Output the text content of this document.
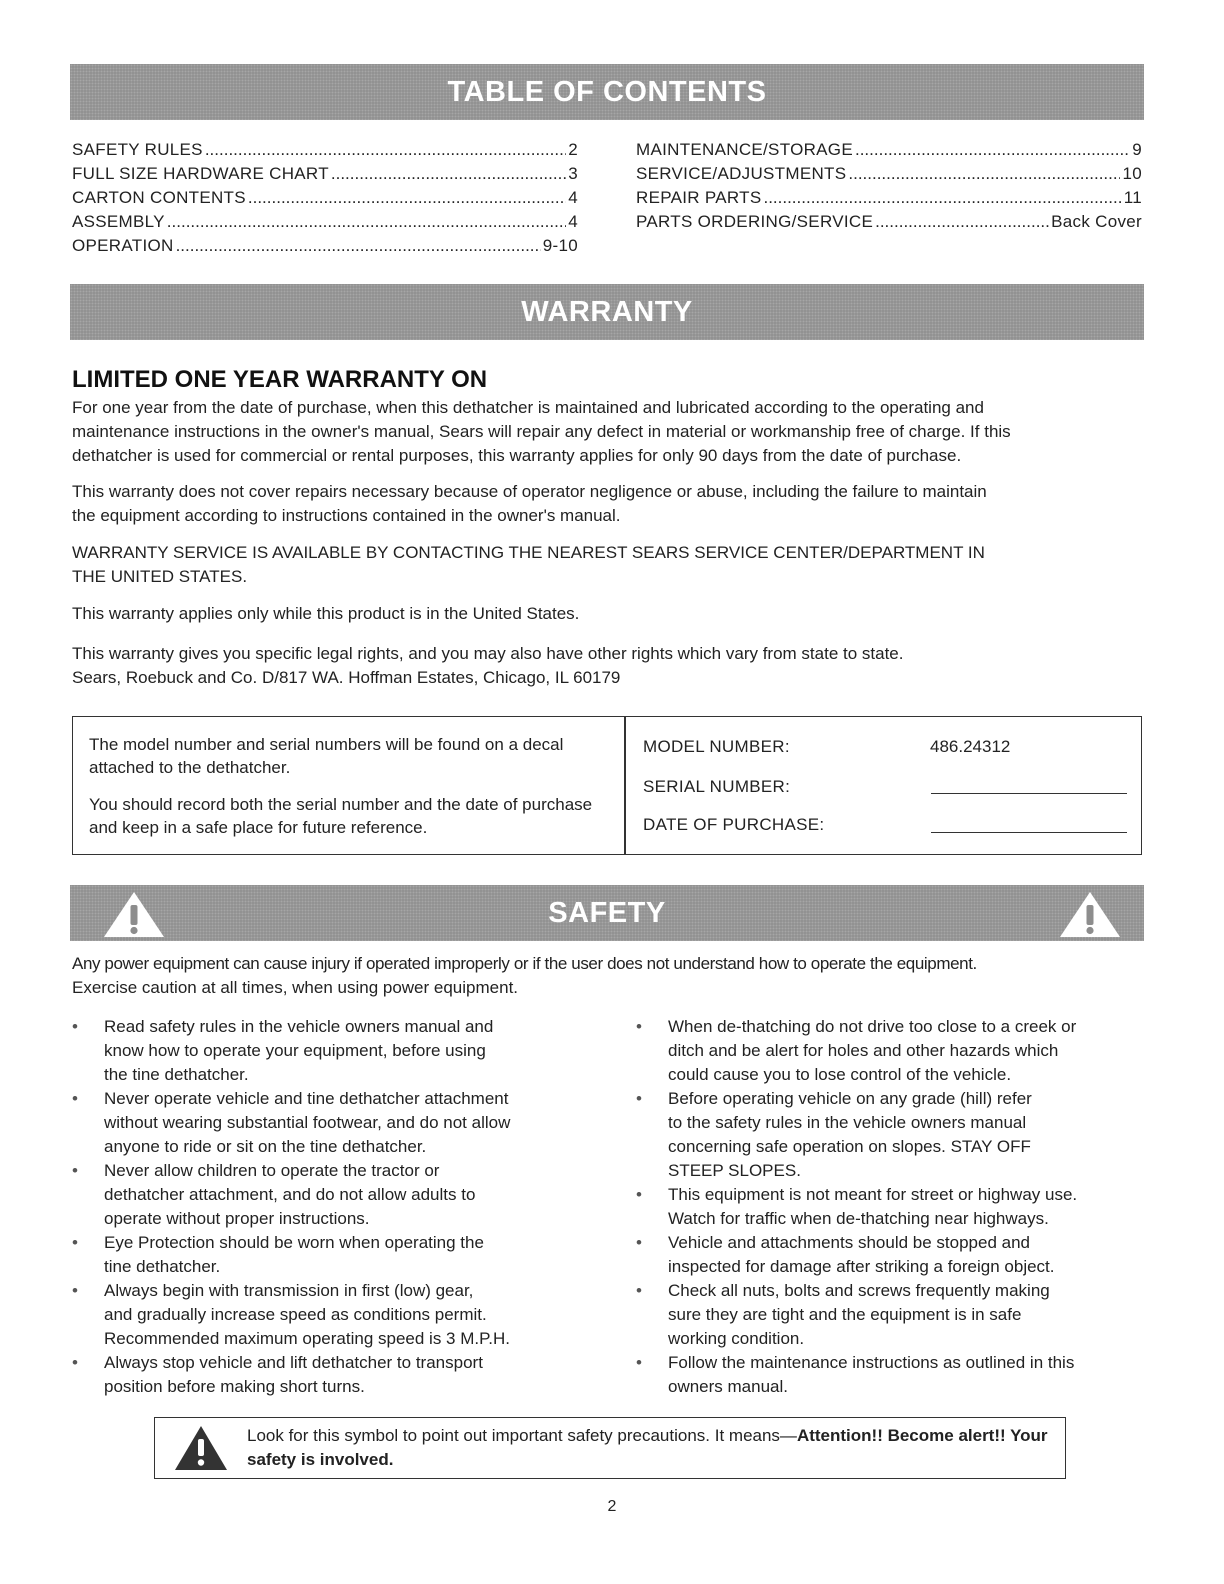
TABLE OF CONTENTS
SAFETY RULES .....	2
FULL SIZE HARDWARE CHART .....	3
CARTON CONTENTS .....	4
ASSEMBLY .....	4
OPERATION .....	9-10
MAINTENANCE/STORAGE .....	9
SERVICE/ADJUSTMENTS .....	10
REPAIR PARTS .....	11
PARTS ORDERING/SERVICE .....	Back Cover
WARRANTY
LIMITED ONE YEAR WARRANTY ON

For one year from the date of purchase, when this dethatcher is maintained and lubricated according to the operating and
maintenance instructions in the owner's manual, Sears will repair any defect in material or workmanship free of charge. If this
dethatcher is used for commercial or rental purposes, this warranty applies for only 90 days from the date of purchase.

This warranty does not cover repairs necessary because of operator negligence or abuse, including the failure to maintain
the equipment according to instructions contained in the owner's manual.

WARRANTY SERVICE IS AVAILABLE BY CONTACTING THE NEAREST SEARS SERVICE CENTER/DEPARTMENT IN
THE UNITED STATES.

This warranty applies only while this product is in the United States.

This warranty gives you specific legal rights, and you may also have other rights which vary from state to state.
Sears, Roebuck and Co. D/817 WA. Hoffman Estates, Chicago, IL 60179

The model number and serial numbers will be found on a decal attached to the dethatcher.

You should record both the serial number and the date of purchase and keep in a safe place for future reference.

MODEL NUMBER:	486.24312
SERIAL NUMBER:
DATE OF PURCHASE:
SAFETY

Any power equipment can cause injury if operated improperly or if the user does not understand how to operate the equipment.
Exercise caution at all times, when using power equipment.

• Read safety rules in the vehicle owners manual and
know how to operate your equipment, before using
the tine dethatcher.
• Never operate vehicle and tine dethatcher attachment
without wearing substantial footwear, and do not allow
anyone to ride or sit on the tine dethatcher.
• Never allow children to operate the tractor or
dethatcher attachment, and do not allow adults to
operate without proper instructions.
• Eye Protection should be worn when operating the
tine dethatcher.
• Always begin with transmission in first (low) gear,
and gradually increase speed as conditions permit.
Recommended maximum operating speed is 3 M.P.H.
• Always stop vehicle and lift dethatcher to transport
position before making short turns.
• When de-thatching do not drive too close to a creek or
ditch and be alert for holes and other hazards which
could cause you to lose control of the vehicle.
• Before operating vehicle on any grade (hill) refer
to the safety rules in the vehicle owners manual
concerning safe operation on slopes. STAY OFF
STEEP SLOPES.
• This equipment is not meant for street or highway use.
Watch for traffic when de-thatching near highways.
• Vehicle and attachments should be stopped and
inspected for damage after striking a foreign object.
• Check all nuts, bolts and screws frequently making
sure they are tight and the equipment is in safe
working condition.
• Follow the maintenance instructions as outlined in this
owners manual.

Look for this symbol to point out important safety precautions. It means—Attention!! Become alert!! Your safety is involved.

2
